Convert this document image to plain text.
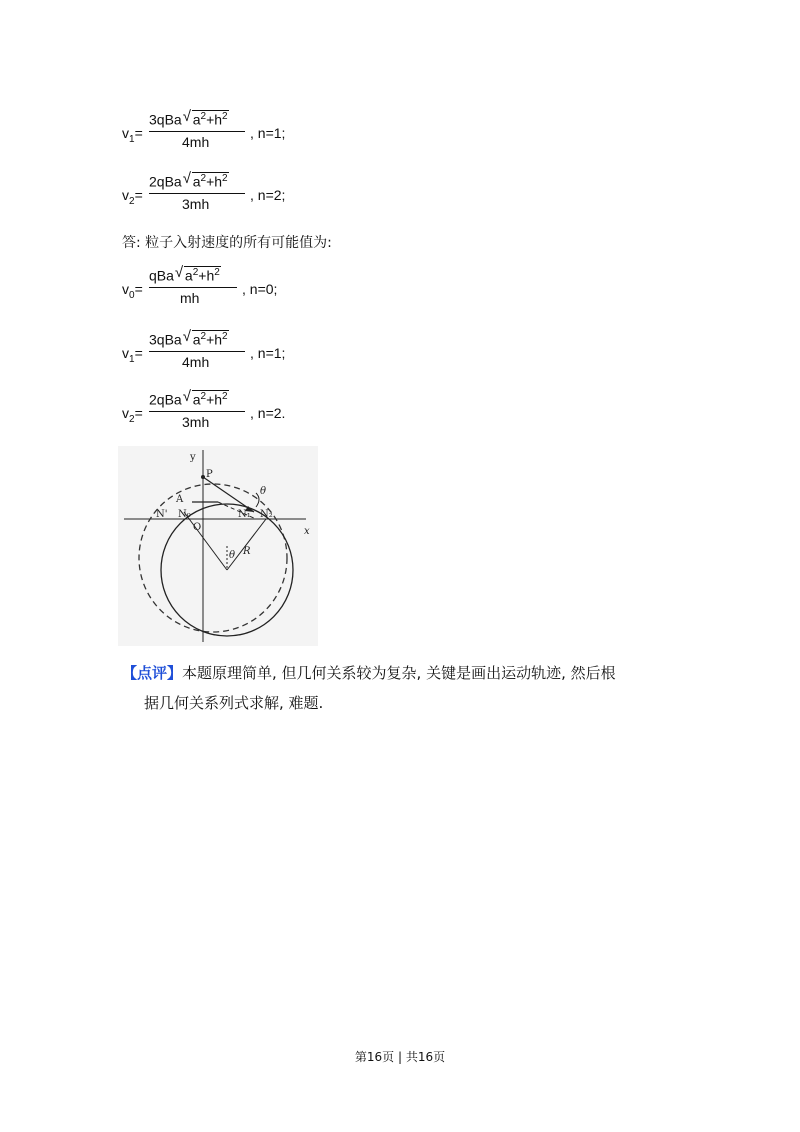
$v_1=$
3qBa √ $a^2+h^2$
4mh
, n=1;
$v_2=$
2qBa √ $a^2+h^2$
3mh
, n=2;
答: 粒子入射速度的所有可能值为:
$v_0=$
qBa √ $a^2+h^2$
mh
, n=0;
$v_1=$
3qBa √ $a^2+h^2$
4mh
, n=1;
$v_2=$
2qBa √ $a^2+h^2$
3mh
, n=2.
y
P
A
θ
N' N₀
O
N₁ N₂
x
R
θ
【点评】本题原理简单, 但几何关系较为复杂, 关键是画出运动轨迹, 然后根
据几何关系列式求解, 难题.
第16页 | 共16页
